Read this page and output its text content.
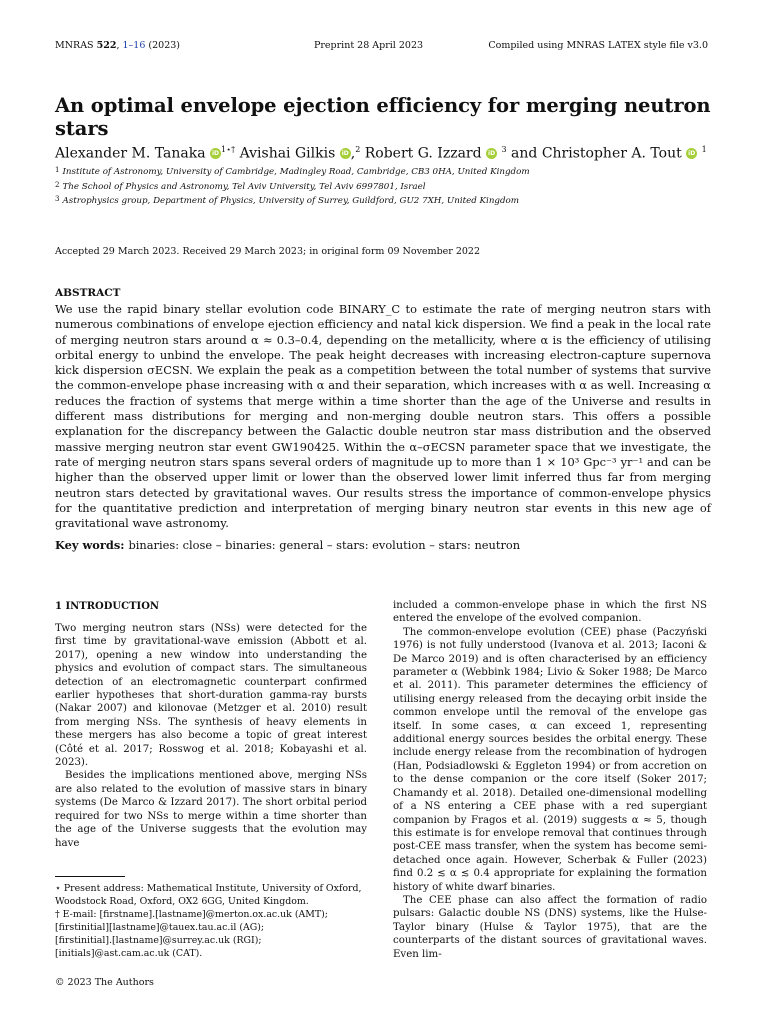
MNRAS 522, 1–16 (2023)	Preprint 28 April 2023	Compiled using MNRAS LATEX style file v3.0
An optimal envelope ejection efficiency for merging neutron stars
Alexander M. Tanaka iD $^{1⋆\dagger}$ Avishai Gilkis iD ,$^2$ Robert G. Izzard iD $^3$ and Christopher A. Tout iD $^1$
$^1$ Institute of Astronomy, University of Cambridge, Madingley Road, Cambridge, CB3 0HA, United Kingdom
$^2$ The School of Physics and Astronomy, Tel Aviv University, Tel Aviv 6997801, Israel
$^3$ Astrophysics group, Department of Physics, University of Surrey, Guildford, GU2 7XH, United Kingdom
Accepted 29 March 2023. Received 29 March 2023; in original form 09 November 2022
ABSTRACT

We use the rapid binary stellar evolution code BINARY_C to estimate the rate of merging neutron stars with numerous combinations of envelope ejection efficiency and natal kick dispersion. We find a peak in the local rate of merging neutron stars around α ≈ 0.3–0.4, depending on the metallicity, where α is the efficiency of utilising orbital energy to unbind the envelope. The peak height decreases with increasing electron-capture supernova kick dispersion σECSN. We explain the peak as a competition between the total number of systems that survive the common-envelope phase increasing with α and their separation, which increases with α as well. Increasing α reduces the fraction of systems that merge within a time shorter than the age of the Universe and results in different mass distributions for merging and non-merging double neutron stars. This offers a possible explanation for the discrepancy between the Galactic double neutron star mass distribution and the observed massive merging neutron star event GW190425. Within the α–σECSN parameter space that we investigate, the rate of merging neutron stars spans several orders of magnitude up to more than 1 × 10³ Gpc⁻³ yr⁻¹ and can be higher than the observed upper limit or lower than the observed lower limit inferred thus far from merging neutron stars detected by gravitational waves. Our results stress the importance of common-envelope physics for the quantitative prediction and interpretation of merging binary neutron star events in this new age of gravitational wave astronomy.

Key words: binaries: close – binaries: general – stars: evolution – stars: neutron
1 INTRODUCTION

Two merging neutron stars (NSs) were detected for the first time by gravitational-wave emission (Abbott et al. 2017), opening a new window into understanding the physics and evolution of compact stars. The simultaneous detection of an electromagnetic counterpart confirmed earlier hypotheses that short-duration gamma-ray bursts (Nakar 2007) and kilonovae (Metzger et al. 2010) result from merging NSs. The synthesis of heavy elements in these mergers has also become a topic of great interest (Côté et al. 2017; Rosswog et al. 2018; Kobayashi et al. 2023).

Besides the implications mentioned above, merging NSs are also related to the evolution of massive stars in binary systems (De Marco & Izzard 2017). The short orbital period required for two NSs to merge within a time shorter than the age of the Universe suggests that the evolution may have

included a common-envelope phase in which the first NS entered the envelope of the evolved companion.

The common-envelope evolution (CEE) phase (Paczyński 1976) is not fully understood (Ivanova et al. 2013; Iaconi & De Marco 2019) and is often characterised by an efficiency parameter α (Webbink 1984; Livio & Soker 1988; De Marco et al. 2011). This parameter determines the efficiency of utilising energy released from the decaying orbit inside the common envelope until the removal of the envelope gas itself. In some cases, α can exceed 1, representing additional energy sources besides the orbital energy. These include energy release from the recombination of hydrogen (Han, Podsiadlowski & Eggleton 1994) or from accretion on to the dense companion or the core itself (Soker 2017; Chamandy et al. 2018). Detailed one-dimensional modelling of a NS entering a CEE phase with a red supergiant companion by Fragos et al. (2019) suggests α ≈ 5, though this estimate is for envelope removal that continues through post-CEE mass transfer, when the system has become semi-detached once again. However, Scherbak & Fuller (2023) find 0.2 ≲ α ≲ 0.4 appropriate for explaining the formation history of white dwarf binaries.

The CEE phase can also affect the formation of radio pulsars: Galactic double NS (DNS) systems, like the Hulse-Taylor binary (Hulse & Taylor 1975), that are the counterparts of the distant sources of gravitational waves. Even lim-

⋆ Present address: Mathematical Institute, University of Oxford,
Woodstock Road, Oxford, OX2 6GG, United Kingdom.
† E-mail: [firstname].[lastname]@merton.ox.ac.uk (AMT);
[firstinitial][lastname]@tauex.tau.ac.il (AG);
[firstinitial].[lastname]@surrey.ac.uk (RGI);
[initials]@ast.cam.ac.uk (CAT).
© 2023 The Authors
